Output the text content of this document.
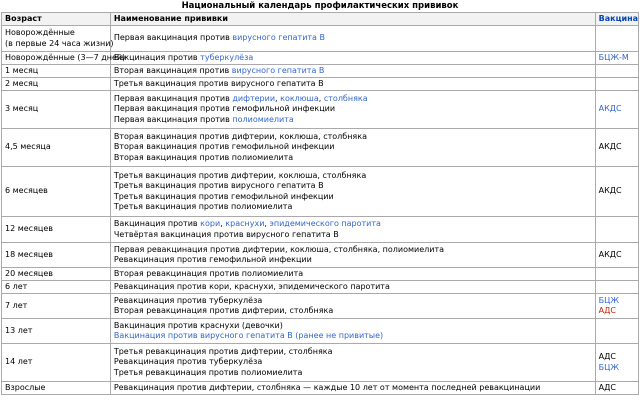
Национальный календарь профилактических прививок
Возраст	Наименование прививки	Вакцина

Новорождённые
(в первые 24 часа жизни)	Первая вакцинация против вирусного гепатита В	

Новорождённые (3—7 дней)	Вакцинация против туберкулёза	БЦЖ-М

1 месяц	Вторая вакцинация против вирусного гепатита В	

2 месяц	Третья вакцинация против вирусного гепатита В	

3 месяц	Первая вакцинация против дифтерии, коклюша, столбняка
Первая вакцинация против гемофильной инфекции
Первая вакцинация против полиомиелита	АКДС

4,5 месяца	Вторая вакцинация против дифтерии, коклюша, столбняка
Вторая вакцинация против гемофильной инфекции
Вторая вакцинация против полиомиелита	АКДС

6 месяцев	Третья вакцинация против дифтерии, коклюша, столбняка
Третья вакцинация против вирусного гепатита В
Третья вакцинация против гемофильной инфекции
Третья вакцинация против полиомиелита	АКДС

12 месяцев	Вакцинация против кори, краснухи, эпидемического паротита
Четвёртая вакцинация против вирусного гепатита В	

18 месяцев	Первая ревакцинация против дифтерии, коклюша, столбняка, полиомиелита
Ревакцинация против гемофильной инфекции	АКДС

20 месяцев	Вторая ревакцинация против полиомиелита	

6 лет	Ревакцинация против кори, краснухи, эпидемического паротита	

7 лет	Ревакцинация против туберкулёза
Вторая ревакцинация против дифтерии, столбняка	БЦЖ
АДС

13 лет	Вакцинация против краснухи (девочки)
Вакцинация против вирусного гепатита В (ранее не привитые)	

14 лет	Третья ревакцинация против дифтерии, столбняка
Ревакцинация против туберкулёза
Третья ревакцинация против полиомиелита	АДС
БЦЖ

Взрослые	Ревакцинация против дифтерии, столбняка — каждые 10 лет от момента последней ревакцинации	АДС
